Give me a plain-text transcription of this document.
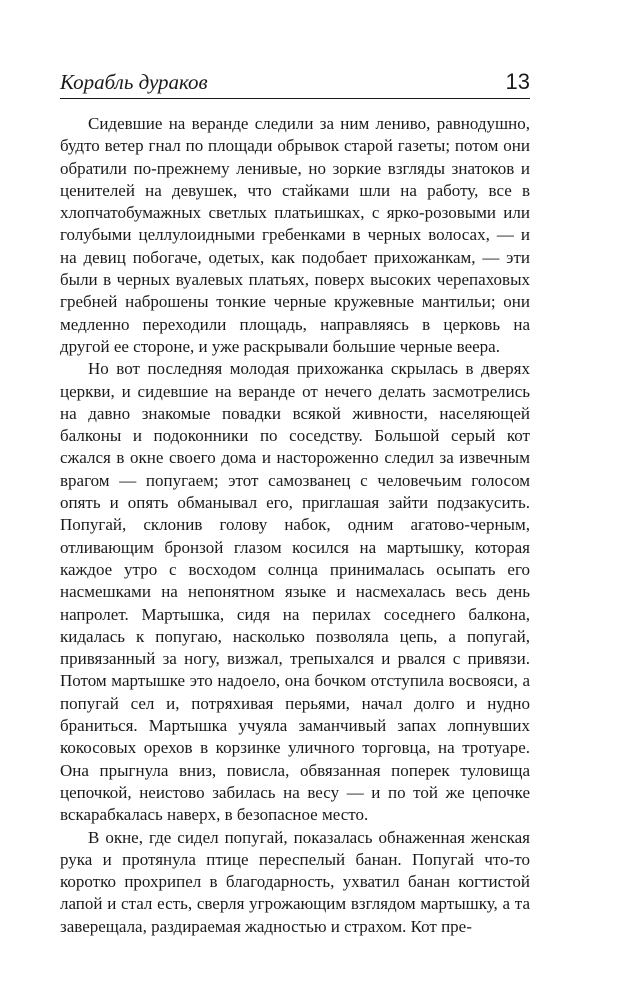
Корабль дураков	13

Сидевшие на веранде следили за ним лениво, равнодушно, будто ветер гнал по площади обрывок старой газеты; потом они обратили по-прежнему ленивые, но зоркие взгляды знатоков и ценителей на девушек, что стайками шли на работу, все в хлопчатобумажных светлых платьишках, с ярко-розовыми или голубыми целлулоидными гребенками в черных волосах, — и на девиц побогаче, одетых, как подобает прихожанкам, — эти были в черных вуалевых платьях, поверх высоких черепаховых гребней наброшены тонкие черные кружевные мантильи; они медленно переходили площадь, направляясь в церковь на другой ее стороне, и уже раскрывали большие черные веера.

Но вот последняя молодая прихожанка скрылась в дверях церкви, и сидевшие на веранде от нечего делать засмотрелись на давно знакомые повадки всякой живности, населяющей балконы и подоконники по соседству. Большой серый кот сжался в окне своего дома и настороженно следил за извечным врагом — попугаем; этот самозванец с человечьим голосом опять и опять обманывал его, приглашая зайти подзакусить. Попугай, склонив голову набок, одним агатово-черным, отливающим бронзой глазом косился на мартышку, которая каждое утро с восходом солнца принималась осыпать его насмешками на непонятном языке и насмехалась весь день напролет. Мартышка, сидя на перилах соседнего балкона, кидалась к попугаю, насколько позволяла цепь, а попугай, привязанный за ногу, визжал, трепыхался и рвался с привязи. Потом мартышке это надоело, она бочком отступила восвояси, а попугай сел и, потряхивая перьями, начал долго и нудно браниться. Мартышка учуяла заманчивый запах лопнувших кокосовых орехов в корзинке уличного торговца, на тротуаре. Она прыгнула вниз, повисла, обвязанная поперек туловища цепочкой, неистово забилась на весу — и по той же цепочке вскарабкалась наверх, в безопасное место.

В окне, где сидел попугай, показалась обнаженная женская рука и протянула птице переспелый банан. Попугай что-то коротко прохрипел в благодарность, ухватил банан когтистой лапой и стал есть, сверля угрожающим взглядом мартышку, а та заверещала, раздираемая жадностью и страхом. Кот пре-
